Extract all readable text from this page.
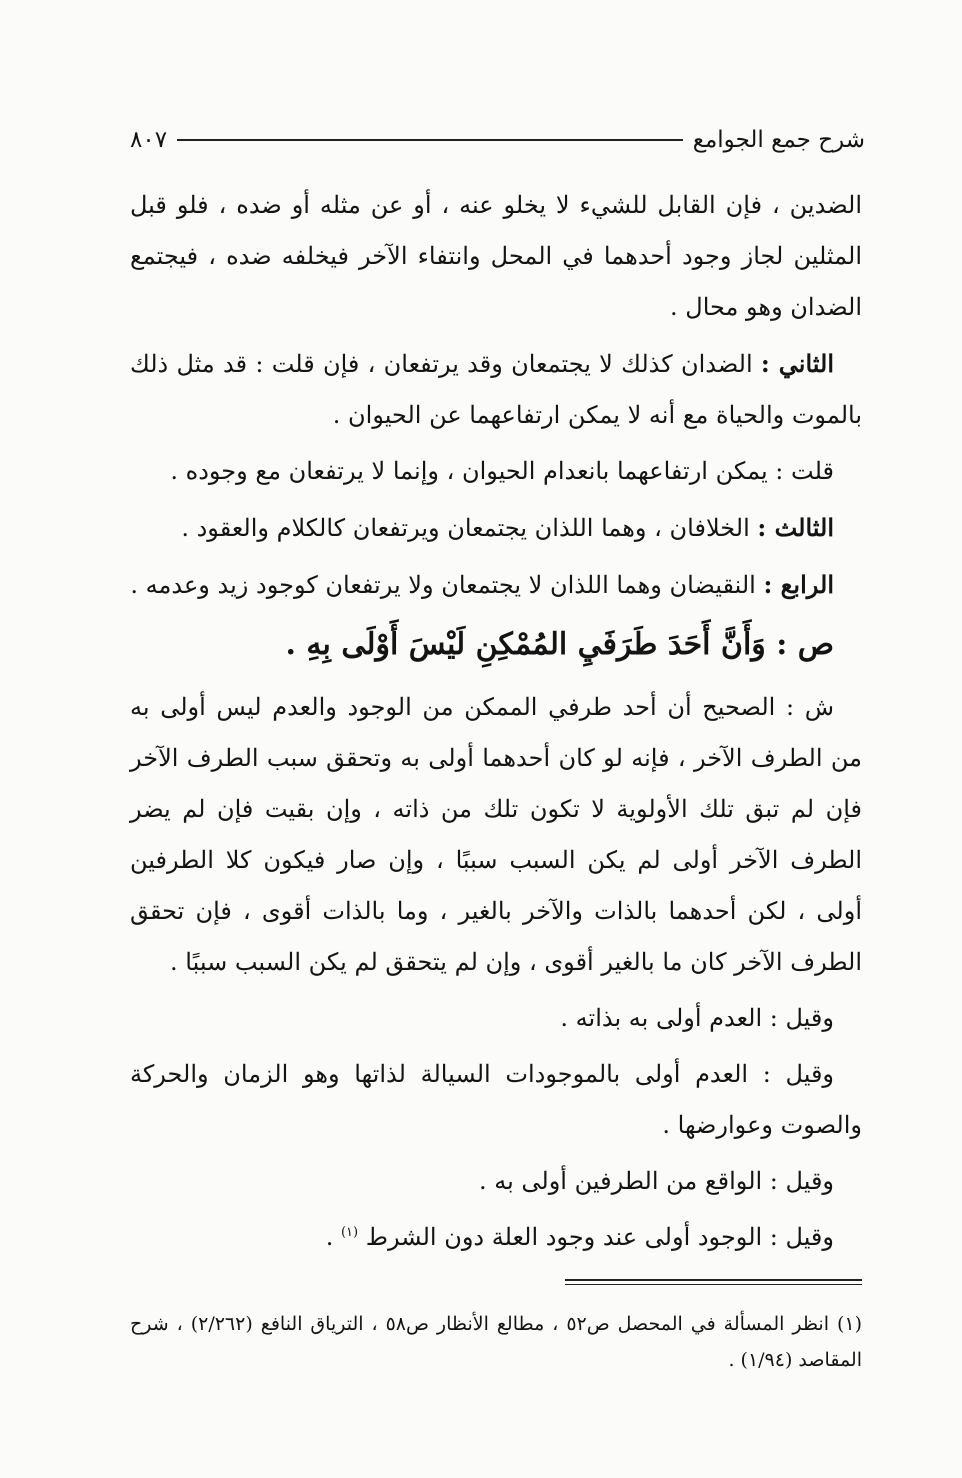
شرح جمع الجوامع
٨٠٧

الضدين ، فإن القابل للشيء لا يخلو عنه ، أو عن مثله أو ضده ، فلو قبل المثلين لجاز وجود أحدهما في المحل وانتفاء الآخر فيخلفه ضده ، فيجتمع الضدان وهو محال .

الثاني : الضدان كذلك لا يجتمعان وقد يرتفعان ، فإن قلت : قد مثل ذلك بالموت والحياة مع أنه لا يمكن ارتفاعهما عن الحيوان .

قلت : يمكن ارتفاعهما بانعدام الحيوان ، وإنما لا يرتفعان مع وجوده .

الثالث : الخلافان ، وهما اللذان يجتمعان ويرتفعان كالكلام والعقود .

الرابع : النقيضان وهما اللذان لا يجتمعان ولا يرتفعان كوجود زيد وعدمه .

ص : وَأَنَّ أَحَدَ طَرَفَيِ المُمْكِنِ لَيْسَ أَوْلَى بِهِ .

ش : الصحيح أن أحد طرفي الممكن من الوجود والعدم ليس أولى به من الطرف الآخر ، فإنه لو كان أحدهما أولى به وتحقق سبب الطرف الآخر فإن لم تبق تلك الأولوية لا تكون تلك من ذاته ، وإن بقيت فإن لم يضر الطرف الآخر أولى لم يكن السبب سببًا ، وإن صار فيكون كلا الطرفين أولى ، لكن أحدهما بالذات والآخر بالغير ، وما بالذات أقوى ، فإن تحقق الطرف الآخر كان ما بالغير أقوى ، وإن لم يتحقق لم يكن السبب سببًا .

وقيل : العدم أولى به بذاته .

وقيل : العدم أولى بالموجودات السيالة لذاتها وهو الزمان والحركة والصوت وعوارضها .

وقيل : الواقع من الطرفين أولى به .

وقيل : الوجود أولى عند وجود العلة دون الشرط $^{(١)}$ .

(١) انظر المسألة في المحصل ص٥٢ ، مطالع الأنظار ص٥٨ ، الترياق النافع (٢/٢٦٢) ، شرح المقاصد (١/٩٤) .
